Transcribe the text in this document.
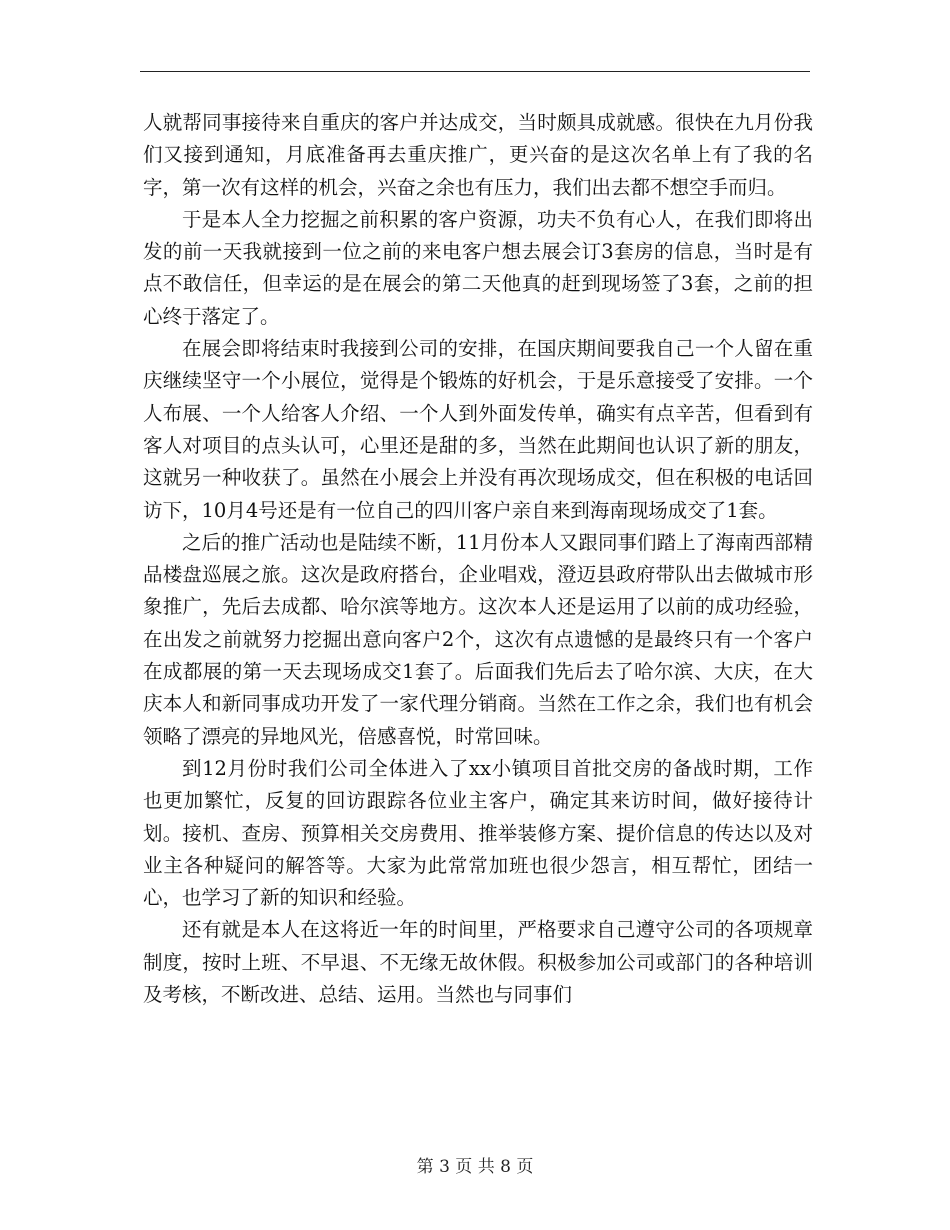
人就帮同事接待来自重庆的客户并达成交，当时颇具成就感。很快在九月份我们又接到通知，月底准备再去重庆推广，更兴奋的是这次名单上有了我的名字，第一次有这样的机会，兴奋之余也有压力，我们出去都不想空手而归。

于是本人全力挖掘之前积累的客户资源，功夫不负有心人，在我们即将出发的前一天我就接到一位之前的来电客户想去展会订3套房的信息，当时是有点不敢信任，但幸运的是在展会的第二天他真的赶到现场签了3套，之前的担心终于落定了。

在展会即将结束时我接到公司的安排，在国庆期间要我自己一个人留在重庆继续坚守一个小展位，觉得是个锻炼的好机会，于是乐意接受了安排。一个人布展、一个人给客人介绍、一个人到外面发传单，确实有点辛苦，但看到有客人对项目的点头认可，心里还是甜的多，当然在此期间也认识了新的朋友，这就另一种收获了。虽然在小展会上并没有再次现场成交，但在积极的电话回访下，10月4号还是有一位自己的四川客户亲自来到海南现场成交了1套。

之后的推广活动也是陆续不断，11月份本人又跟同事们踏上了海南西部精品楼盘巡展之旅。这次是政府搭台，企业唱戏，澄迈县政府带队出去做城市形象推广，先后去成都、哈尔滨等地方。这次本人还是运用了以前的成功经验，在出发之前就努力挖掘出意向客户2个，这次有点遗憾的是最终只有一个客户在成都展的第一天去现场成交1套了。后面我们先后去了哈尔滨、大庆，在大庆本人和新同事成功开发了一家代理分销商。当然在工作之余，我们也有机会领略了漂亮的异地风光，倍感喜悦，时常回味。

到12月份时我们公司全体进入了xx小镇项目首批交房的备战时期，工作也更加繁忙，反复的回访跟踪各位业主客户，确定其来访时间，做好接待计划。接机、查房、预算相关交房费用、推举装修方案、提价信息的传达以及对业主各种疑问的解答等。大家为此常常加班也很少怨言，相互帮忙，团结一心，也学习了新的知识和经验。

还有就是本人在这将近一年的时间里，严格要求自己遵守公司的各项规章制度，按时上班、不早退、不无缘无故休假。积极参加公司或部门的各种培训及考核，不断改进、总结、运用。当然也与同事们

第 3 页 共 8 页
